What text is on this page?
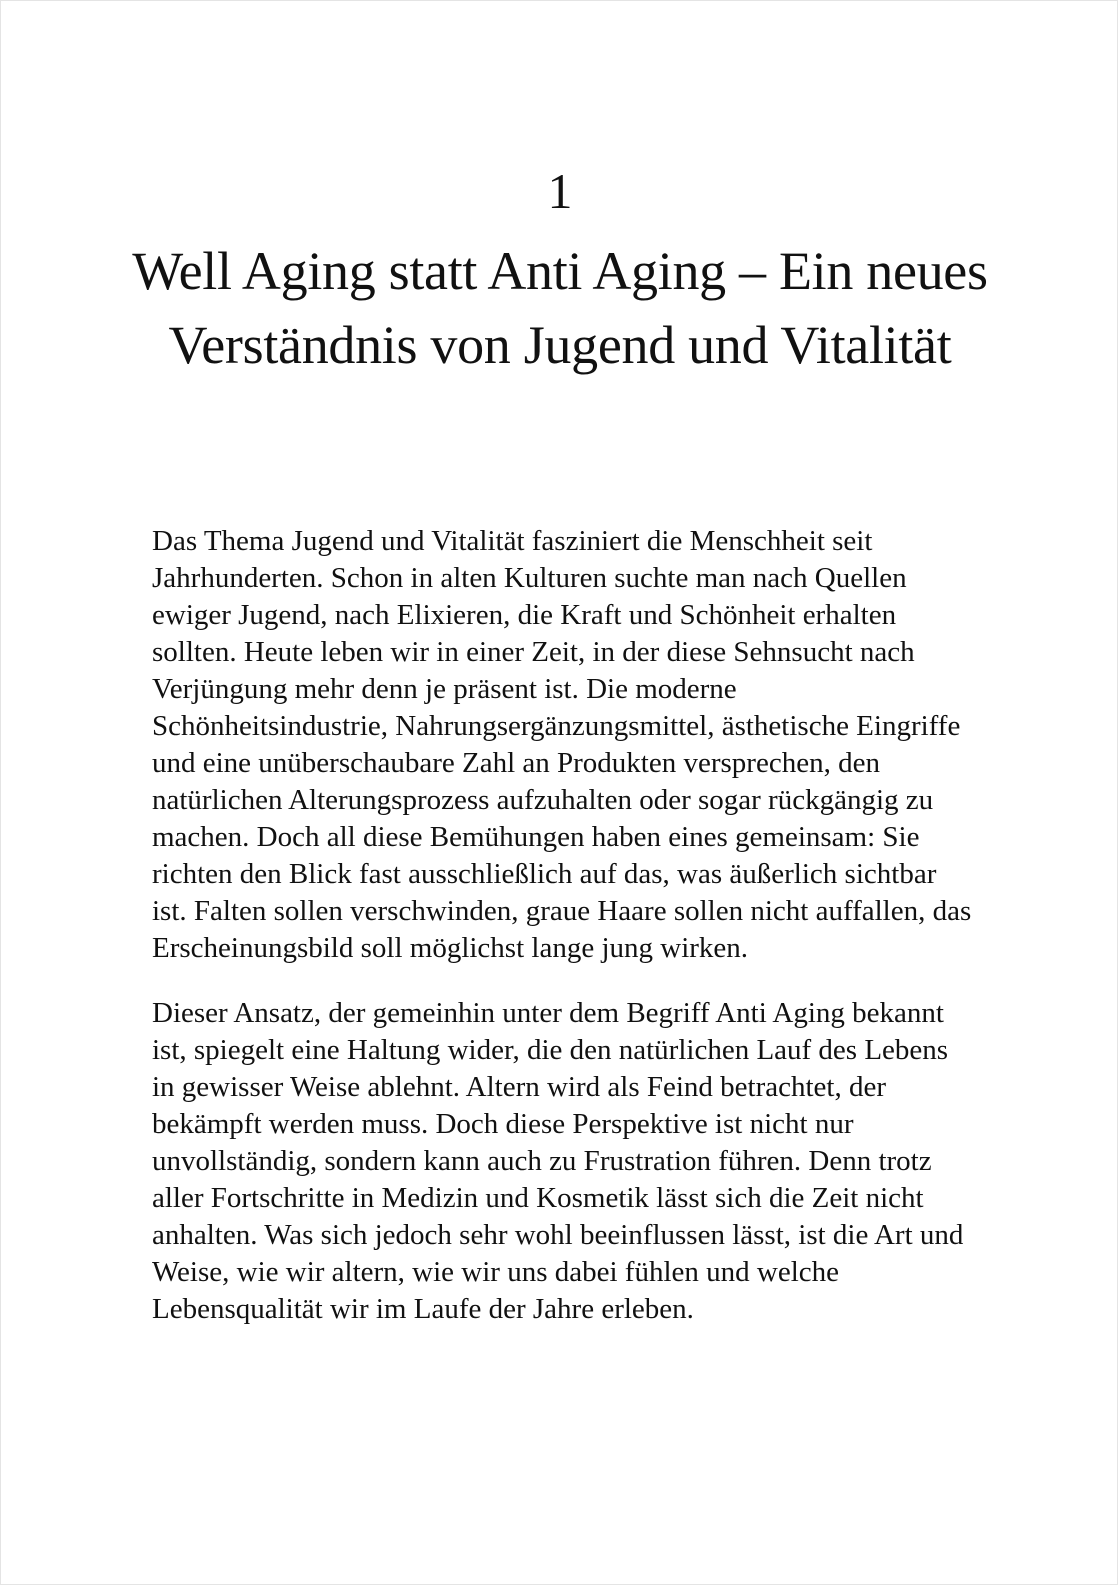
1
Well Aging statt Anti Aging – Ein neues Verständnis von Jugend und Vitalität

Das Thema Jugend und Vitalität fasziniert die Menschheit seit Jahrhunderten. Schon in alten Kulturen suchte man nach Quellen ewiger Jugend, nach Elixieren, die Kraft und Schönheit erhalten sollten. Heute leben wir in einer Zeit, in der diese Sehnsucht nach Verjüngung mehr denn je präsent ist. Die moderne Schönheitsindustrie, Nahrungsergänzungsmittel, ästhetische Eingriffe und eine unüberschaubare Zahl an Produkten versprechen, den natürlichen Alterungsprozess aufzuhalten oder sogar rückgängig zu machen. Doch all diese Bemühungen haben eines gemeinsam: Sie richten den Blick fast ausschließlich auf das, was äußerlich sichtbar ist. Falten sollen verschwinden, graue Haare sollen nicht auffallen, das Erscheinungsbild soll möglichst lange jung wirken.

Dieser Ansatz, der gemeinhin unter dem Begriff Anti Aging bekannt ist, spiegelt eine Haltung wider, die den natürlichen Lauf des Lebens in gewisser Weise ablehnt. Altern wird als Feind betrachtet, der bekämpft werden muss. Doch diese Perspektive ist nicht nur unvollständig, sondern kann auch zu Frustration führen. Denn trotz aller Fortschritte in Medizin und Kosmetik lässt sich die Zeit nicht anhalten. Was sich jedoch sehr wohl beeinflussen lässt, ist die Art und Weise, wie wir altern, wie wir uns dabei fühlen und welche Lebensqualität wir im Laufe der Jahre erleben.
